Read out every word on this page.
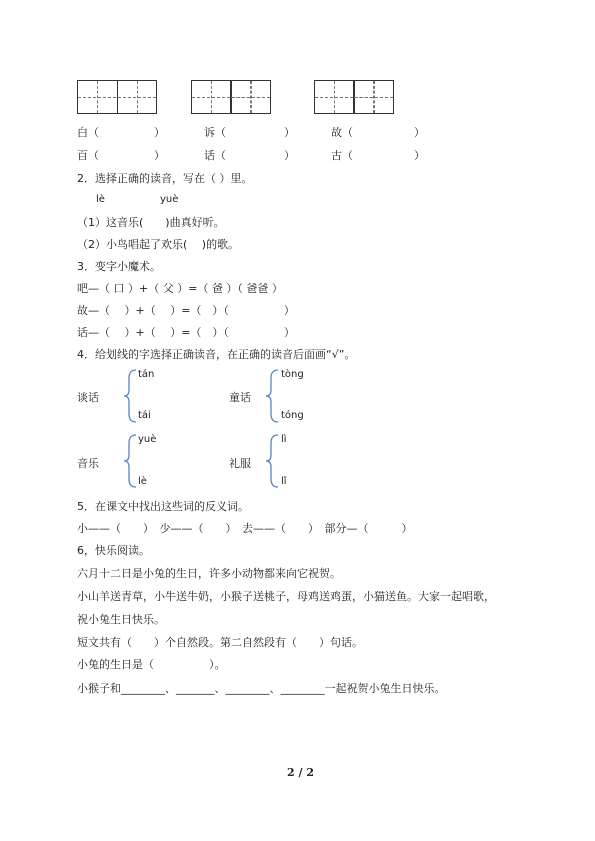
白（	）	诉（	）	故（	）
百（	）	话（	）	古（	）
2．选择正确的读音，写在（ ）里。
lè	yuè
（1）这音乐(　　)曲真好听。
（2）小鸟唱起了欢乐(　 )的歌。
3．变字小魔术。
吧—（ 口 ）+（ 父 ）=（ 爸 ）（ 爸爸 ）
故—（　 ）+（　 ）=（　）（　　　　　）
话—（　 ）+（　 ）=（　）（　　　　　）
4．给划线的字选择正确读音，在正确的读音后面画“√”。
tán
谈话
tái
tòng
童话
tóng
yuè
音乐
lè
lì
礼服
lǐ
5．在课文中找出这些词的反义词。
小——（　　）　少——（　　）　去——（　　）　部分—（　　　）
6，快乐阅读。
六月十二日是小兔的生日，许多小动物都来向它祝贺。
小山羊送青草，小牛送牛奶，小猴子送桃子，母鸡送鸡蛋，小猫送鱼。大家一起唱歌，
祝小兔生日快乐。
短文共有（　　）个自然段。第二自然段有（　　）句话。
小兔的生日是（　　　　　）。
小猴子和________、_______、________、________一起祝贺小兔生日快乐。
2 / 2
